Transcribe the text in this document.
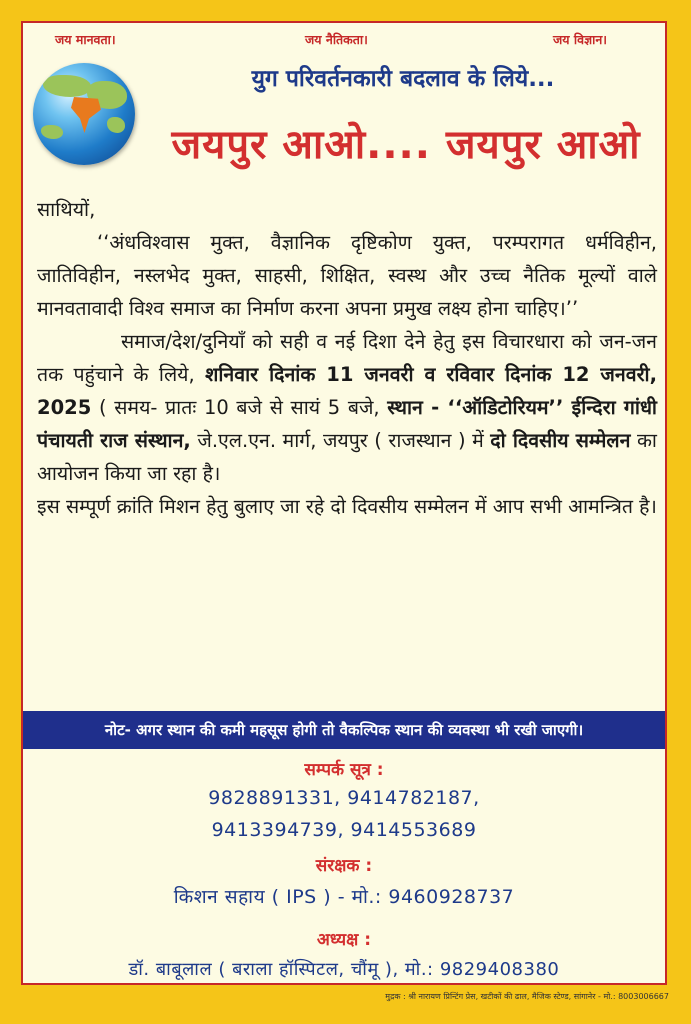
जय मानवता।	जय नैतिकता।	जय विज्ञान।
युग परिवर्तनकारी बदलाव के लिये...
जयपुर आओ.... जयपुर आओ

साथियों,

‘‘अंधविश्वास मुक्त, वैज्ञानिक दृष्टिकोण युक्त, परम्परागत धर्मविहीन, जातिविहीन, नस्लभेद मुक्त, साहसी, शिक्षित, स्वस्थ और उच्च नैतिक मूल्यों वाले मानवतावादी विश्व समाज का निर्माण करना अपना प्रमुख लक्ष्य होना चाहिए।’’

समाज/देश/दुनियाँ को सही व नई दिशा देने हेतु इस विचारधारा को जन-जन तक पहुंचाने के लिये, शनिवार दिनांक 11 जनवरी व रविवार दिनांक 12 जनवरी, 2025 ( समय- प्रातः 10 बजे से सायं 5 बजे, स्थान - ‘‘ऑडिटोरियम’’ ईन्दिरा गांधी पंचायती राज संस्थान, जे.एल.एन. मार्ग, जयपुर ( राजस्थान ) में दो दिवसीय सम्मेलन का आयोजन किया जा रहा है।

इस सम्पूर्ण क्रांति मिशन हेतु बुलाए जा रहे दो दिवसीय सम्मेलन में आप सभी आमन्त्रित है।

नोट- अगर स्थान की कमी महसूस होगी तो वैकल्पिक स्थान की व्यवस्था भी रखी जाएगी।
सम्पर्क सूत्र :
9828891331, 9414782187,
9413394739, 9414553689
संरक्षक :
किशन सहाय ( IPS ) - मो.: 9460928737
अध्यक्ष :
डॉ. बाबूलाल ( बराला हॉस्पिटल, चौंमू ), मो.: 9829408380
मुद्रक : श्री नारायण प्रिन्टिंग प्रेस, खटीकों की ढाल, मैजिक स्टेण्ड, सांगानेर - मो.: 8003006667
